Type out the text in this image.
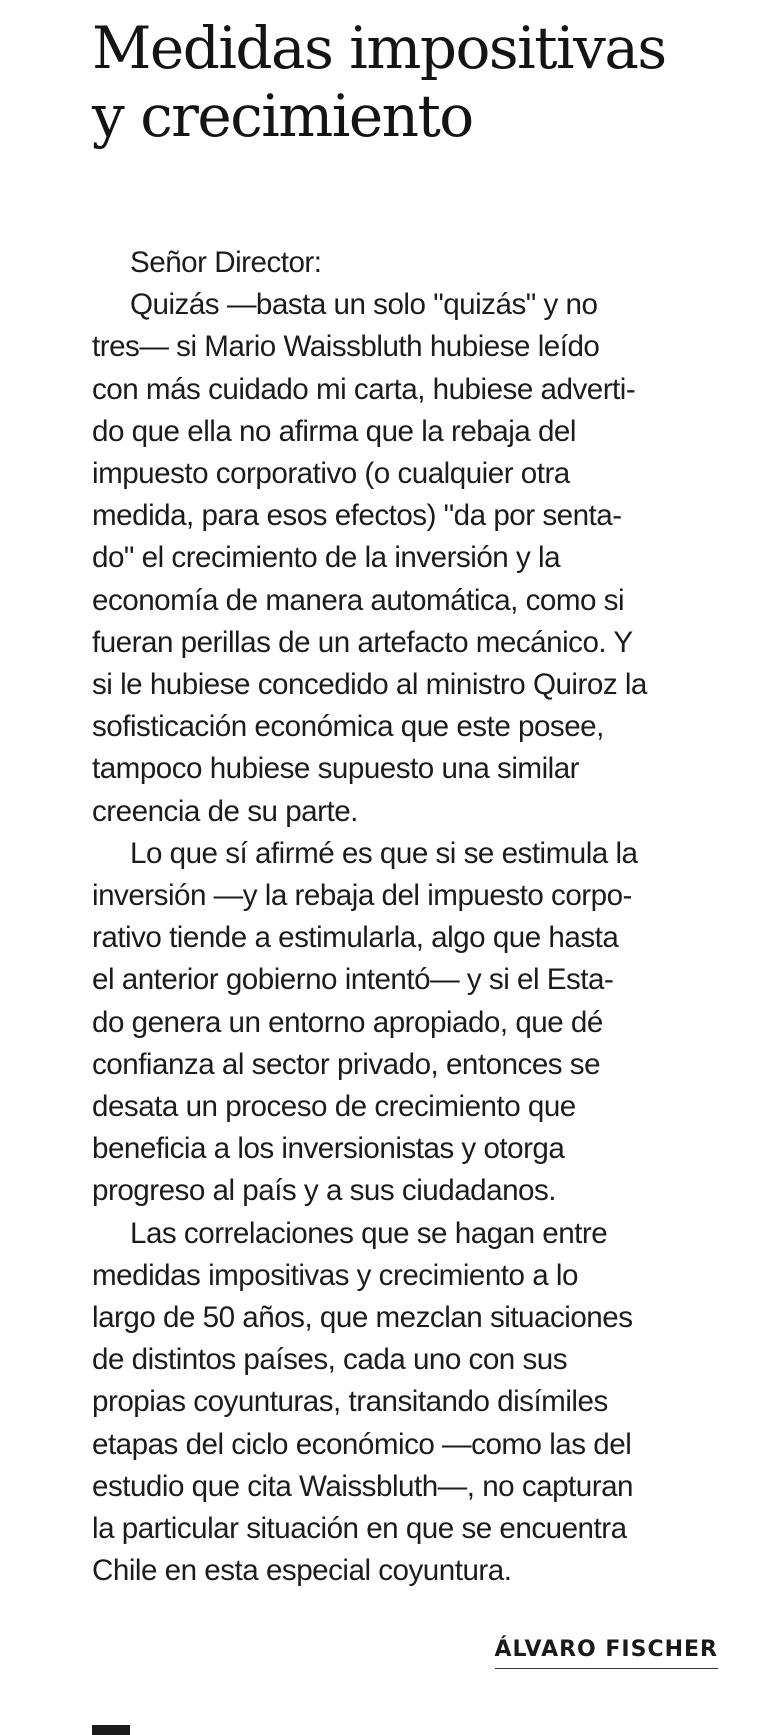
Medidas impositivas
y crecimiento
Señor Director:
Quizás —basta un solo "quizás" y no
tres— si Mario Waissbluth hubiese leído
con más cuidado mi carta, hubiese adverti-
do que ella no afirma que la rebaja del
impuesto corporativo (o cualquier otra
medida, para esos efectos) "da por senta-
do" el crecimiento de la inversión y la
economía de manera automática, como si
fueran perillas de un artefacto mecánico. Y
si le hubiese concedido al ministro Quiroz la
sofisticación económica que este posee,
tampoco hubiese supuesto una similar
creencia de su parte.
Lo que sí afirmé es que si se estimula la
inversión —y la rebaja del impuesto corpo-
rativo tiende a estimularla, algo que hasta
el anterior gobierno intentó— y si el Esta-
do genera un entorno apropiado, que dé
confianza al sector privado, entonces se
desata un proceso de crecimiento que
beneficia a los inversionistas y otorga
progreso al país y a sus ciudadanos.
Las correlaciones que se hagan entre
medidas impositivas y crecimiento a lo
largo de 50 años, que mezclan situaciones
de distintos países, cada uno con sus
propias coyunturas, transitando disímiles
etapas del ciclo económico —como las del
estudio que cita Waissbluth—, no capturan
la particular situación en que se encuentra
Chile en esta especial coyuntura.
ÁLVARO FISCHER
